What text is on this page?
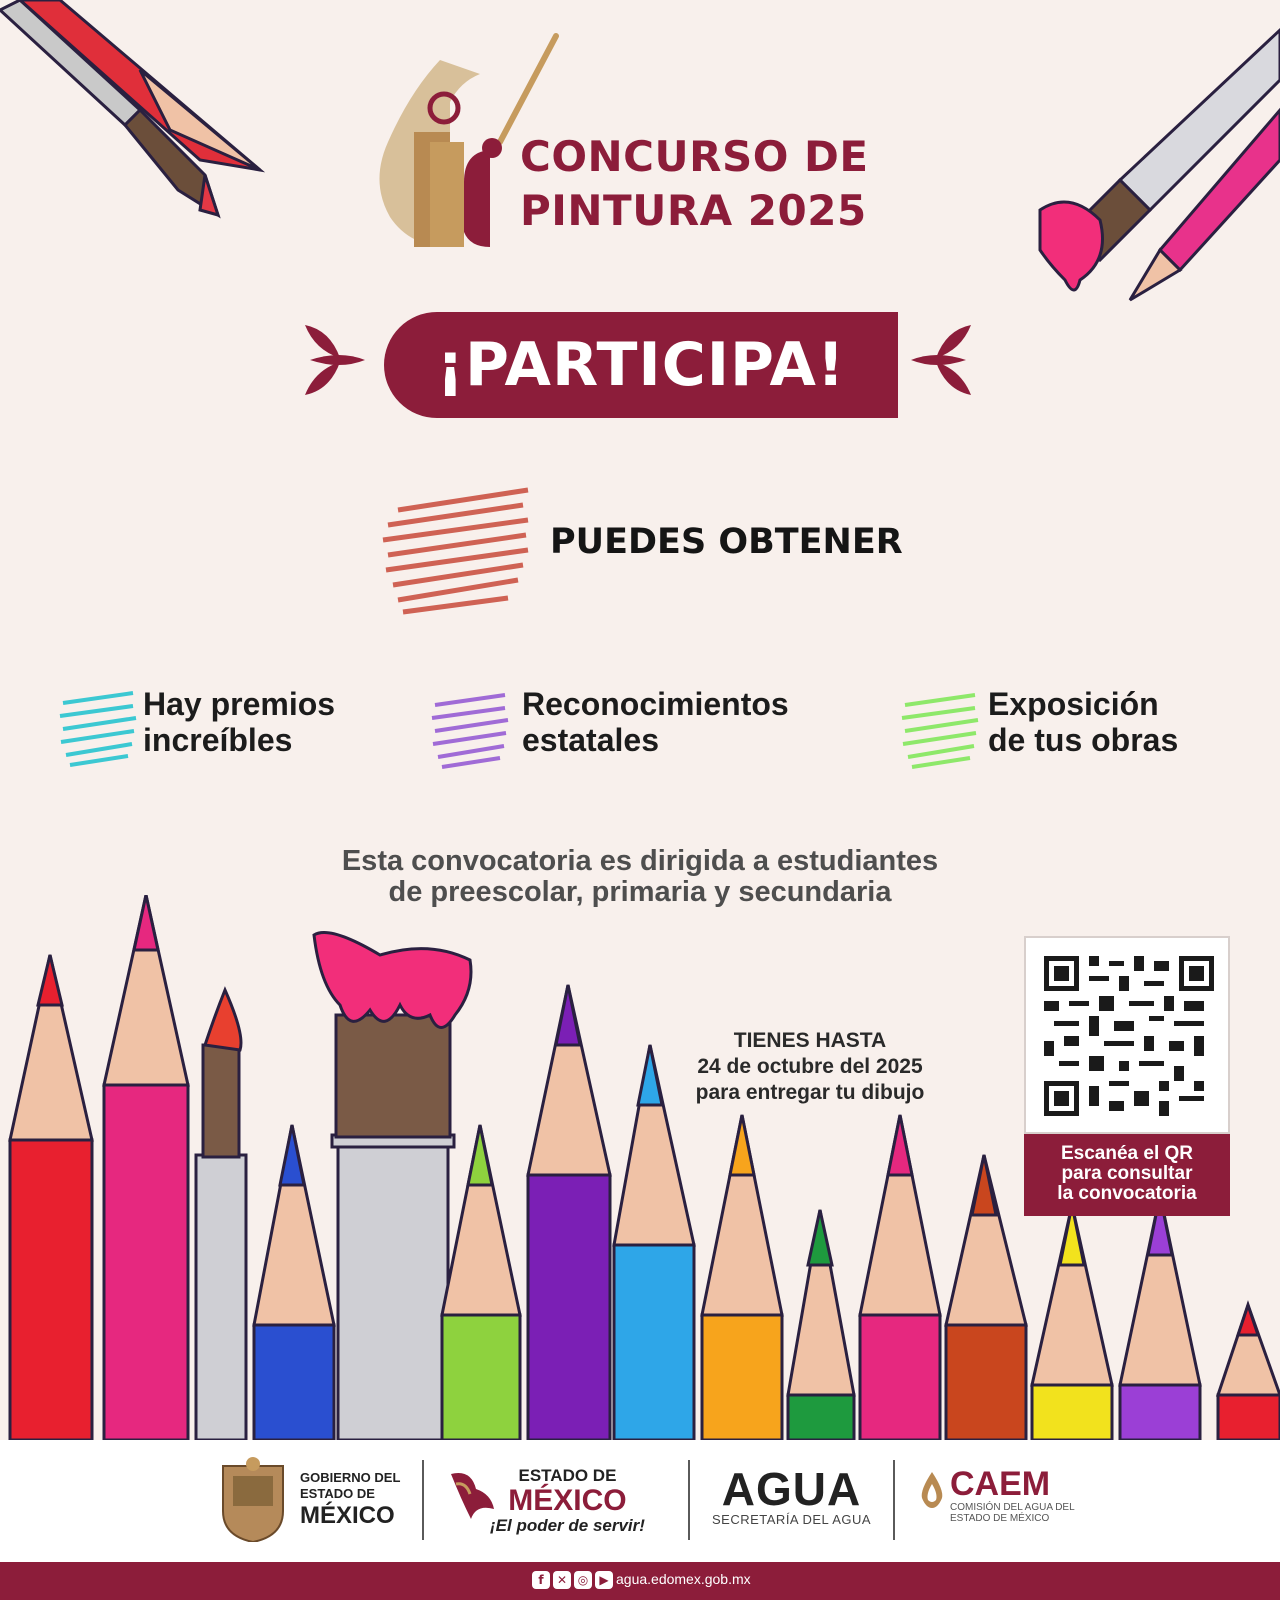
CONCURSO DE
PINTURA 2025
¡PARTICIPA!
PUEDES OBTENER
Hay premios
increíbles
Reconocimientos
estatales
Exposición
de tus obras
Esta convocatoria es dirigida a estudiantes
de preescolar, primaria y secundaria
TIENES HASTA
24 de octubre del 2025
para entregar tu dibujo
Escanéa el QR
para consultar
la convocatoria
GOBIERNO DEL
ESTADO DE
MÉXICO
ESTADO DE
MÉXICO
¡El poder de servir!
AGUA
SECRETARÍA DEL AGUA
CAEM
COMISIÓN DEL AGUA DEL
ESTADO DE MÉXICO
f	✕ ◎ ▶ agua.edomex.gob.mx
